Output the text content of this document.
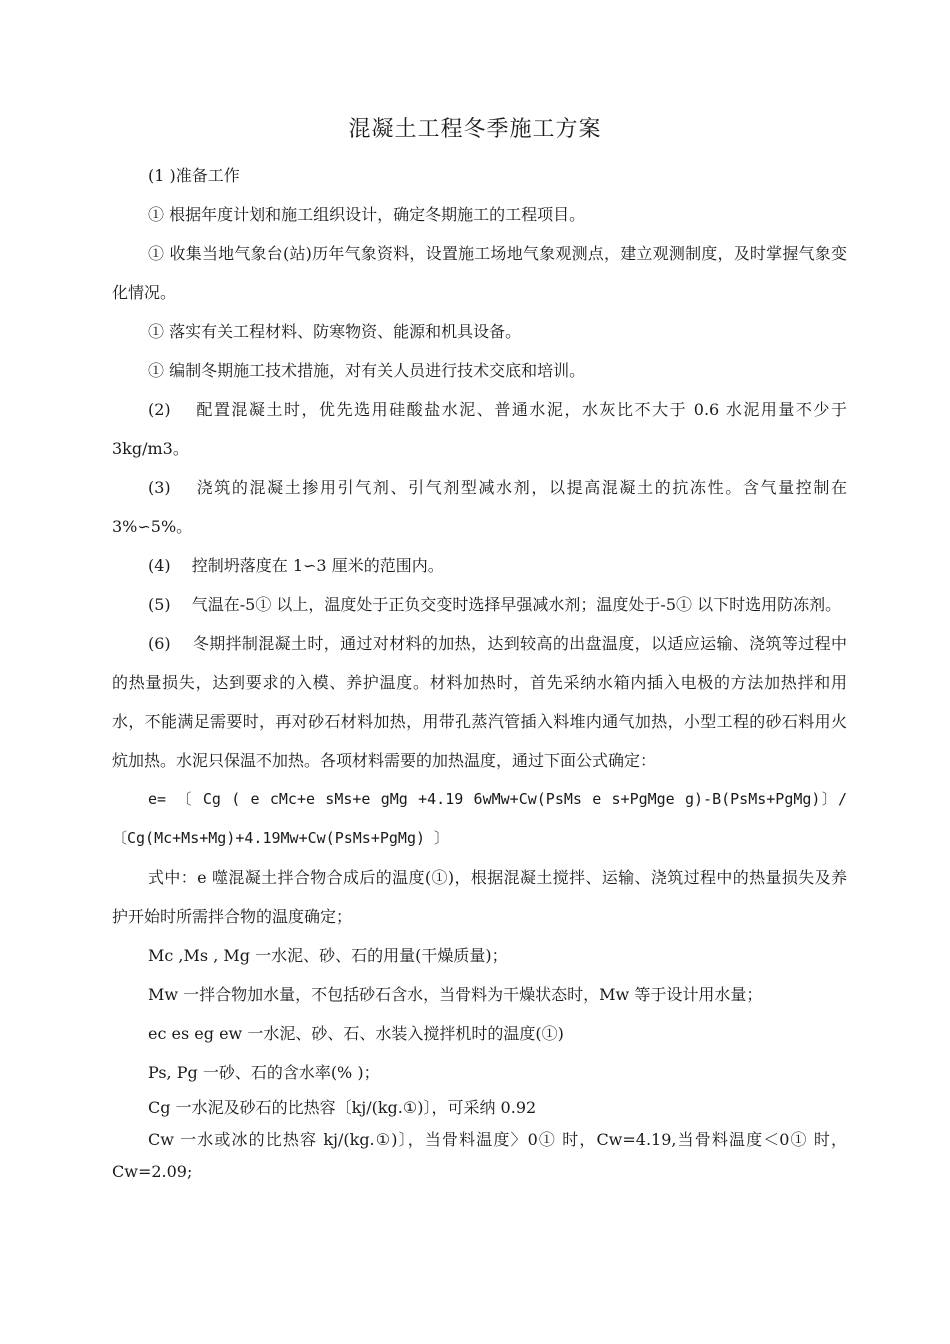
混凝土工程冬季施工方案

(1 )准备工作

① 根据年度计划和施工组织设计，确定冬期施工的工程项目。

① 收集当地气象台(站)历年气象资料，设置施工场地气象观测点，建立观测制度，及时掌握气象变化情况。

① 落实有关工程材料、防寒物资、能源和机具设备。

① 编制冬期施工技术措施，对有关人员进行技术交底和培训。

(2)　 配置混凝土时，优先选用硅酸盐水泥、普通水泥，水灰比不大于 0.6 水泥用量不少于 3kg/m3。

(3)　 浇筑的混凝土掺用引气剂、引气剂型减水剂，以提高混凝土的抗冻性。含气量控制在 3%∽5%。

(4)　 控制坍落度在 1∽3 厘米的范围内。

(5)　 气温在-5① 以上，温度处于正负交变时选择早强减水剂；温度处于-5① 以下时选用防冻剂。

(6)　 冬期拌制混凝土时，通过对材料的加热，达到较高的出盘温度，以适应运输、浇筑等过程中的热量损失，达到要求的入模、养护温度。材料加热时，首先采纳水箱内插入电极的方法加热拌和用水，不能满足需要时，再对砂石材料加热，用带孔蒸汽管插入料堆内通气加热，小型工程的砂石料用火炕加热。水泥只保温不加热。各项材料需要的加热温度，通过下面公式确定：

e= 〔 Cg ( e cMc+e sMs+e gMg +4.19 6wMw+Cw(PsMs e s+PgMge g)-B(PsMs+PgMg)〕/〔Cg(Mc+Ms+Mg)+4.19Mw+Cw(PsMs+PgMg) 〕

式中：e 噬混凝土拌合物合成后的温度(①)，根据混凝土搅拌、运输、浇筑过程中的热量损失及养护开始时所需拌合物的温度确定；

Mc ,Ms , Mg 一水泥、砂、石的用量(干燥质量)；

Mw 一拌合物加水量，不包括砂石含水，当骨料为干燥状态时，Mw 等于设计用水量；

ec es eg ew 一水泥、砂、石、水装入搅拌机时的温度(①)

Ps, Pg 一砂、石的含水率(% )；

Cg 一水泥及砂石的比热容〔kj/(kg.①)〕，可采纳 0.92

Cw 一水或冰的比热容 kj/(kg.①)〕，当骨料温度〉0① 时，Cw=4.19,当骨料温度＜0① 时，Cw=2.09;
